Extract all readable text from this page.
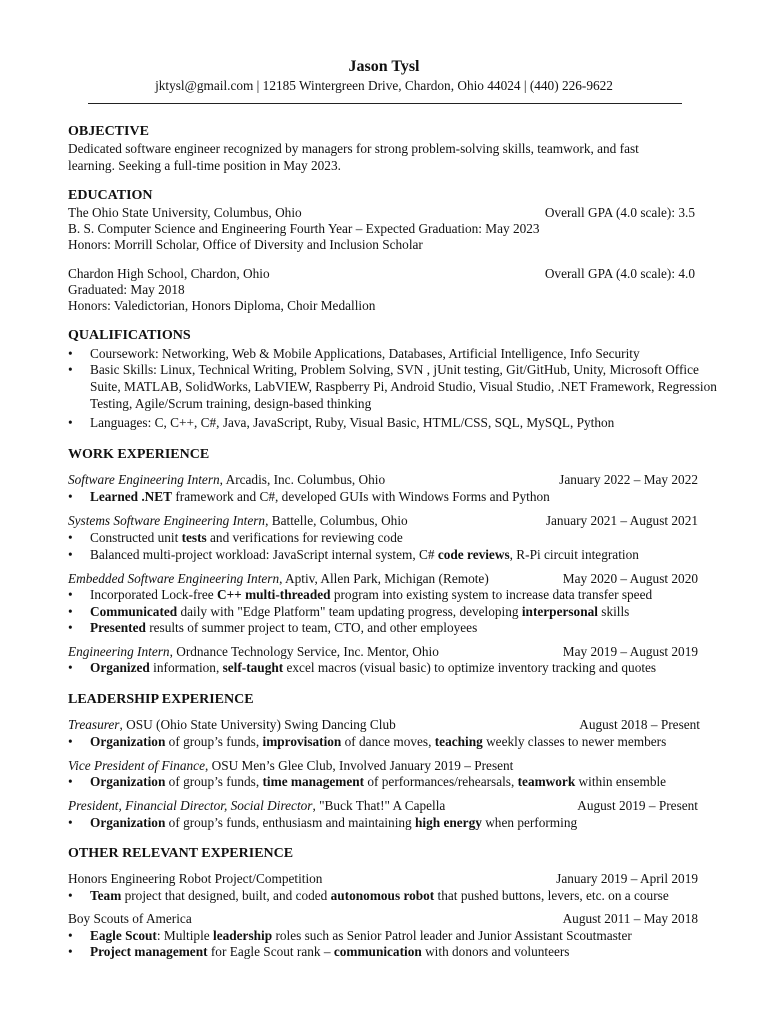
Jason Tysl
jktysl@gmail.com | 12185 Wintergreen Drive, Chardon, Ohio 44024 | (440) 226-9622
OBJECTIVE
Dedicated software engineer recognized by managers for strong problem-solving skills, teamwork, and fast learning. Seeking a full-time position in May 2023.
EDUCATION
The Ohio State University, Columbus, Ohio	Overall GPA (4.0 scale): 3.5
B. S. Computer Science and Engineering Fourth Year – Expected Graduation: May 2023
Honors: Morrill Scholar, Office of Diversity and Inclusion Scholar
Chardon High School, Chardon, Ohio	Overall GPA (4.0 scale): 4.0
Graduated: May 2018
Honors: Valedictorian, Honors Diploma, Choir Medallion
QUALIFICATIONS
•	Coursework: Networking, Web & Mobile Applications, Databases, Artificial Intelligence, Info Security
•	Basic Skills: Linux, Technical Writing, Problem Solving, SVN , jUnit testing, Git/GitHub, Unity, Microsoft Office Suite, MATLAB, SolidWorks, LabVIEW, Raspberry Pi, Android Studio, Visual Studio, .NET Framework, Regression Testing, Agile/Scrum training, design-based thinking
•	Languages: C, C++, C#, Java, JavaScript, Ruby, Visual Basic, HTML/CSS, SQL, MySQL, Python
WORK EXPERIENCE
Software Engineering Intern, Arcadis, Inc. Columbus, Ohio	January 2022 – May 2022
•	Learned .NET framework and C#, developed GUIs with Windows Forms and Python
Systems Software Engineering Intern, Battelle, Columbus, Ohio	January 2021 – August 2021
•	Constructed unit tests and verifications for reviewing code
•	Balanced multi-project workload: JavaScript internal system, C# code reviews, R-Pi circuit integration
Embedded Software Engineering Intern, Aptiv, Allen Park, Michigan (Remote)	May 2020 – August 2020
•	Incorporated Lock-free C++ multi-threaded program into existing system to increase data transfer speed
•	Communicated daily with "Edge Platform" team updating progress, developing interpersonal skills
•	Presented results of summer project to team, CTO, and other employees
Engineering Intern, Ordnance Technology Service, Inc. Mentor, Ohio	May 2019 – August 2019
•	Organized information, self-taught excel macros (visual basic) to optimize inventory tracking and quotes
LEADERSHIP EXPERIENCE
Treasurer, OSU (Ohio State University) Swing Dancing Club	August 2018 – Present
•	Organization of group’s funds, improvisation of dance moves, teaching weekly classes to newer members
Vice President of Finance, OSU Men’s Glee Club, Involved January 2019 – Present
•	Organization of group’s funds, time management of performances/rehearsals, teamwork within ensemble
President, Financial Director, Social Director, "Buck That!" A Capella	August 2019 – Present
•	Organization of group’s funds, enthusiasm and maintaining high energy when performing
OTHER RELEVANT EXPERIENCE
Honors Engineering Robot Project/Competition	January 2019 – April 2019
•	Team project that designed, built, and coded autonomous robot that pushed buttons, levers, etc. on a course
Boy Scouts of America	August 2011 – May 2018
•	Eagle Scout: Multiple leadership roles such as Senior Patrol leader and Junior Assistant Scoutmaster
•	Project management for Eagle Scout rank – communication with donors and volunteers
